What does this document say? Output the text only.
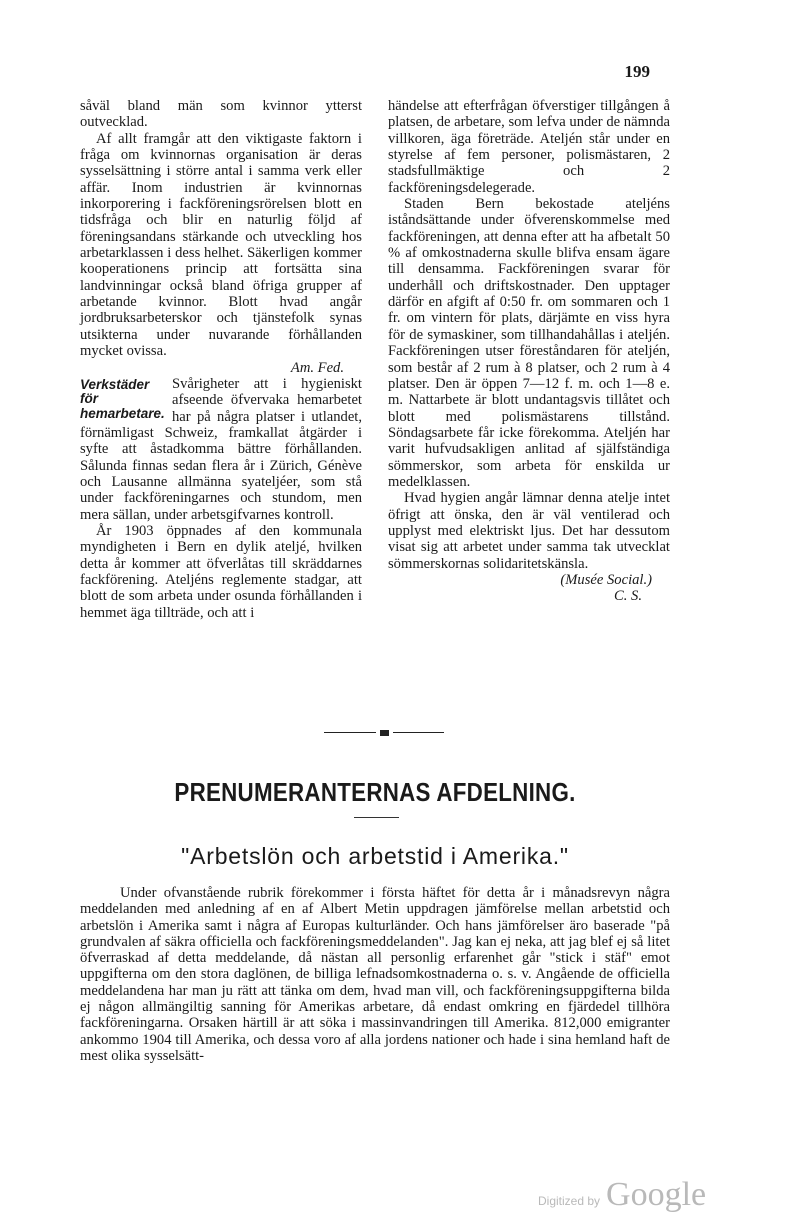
199

såväl bland män som kvinnor ytterst outvecklad.

Af allt framgår att den viktigaste faktorn i fråga om kvinnornas organisation är deras sysselsättning i större antal i samma verk eller affär. Inom industrien är kvinnornas inkorporering i fackföreningsrörelsen blott en tidsfråga och blir en naturlig följd af föreningsandans stärkande och utveckling hos arbetarklassen i dess helhet. Säkerligen kommer kooperationens princip att fortsätta sina landvinningar också bland öfriga grupper af arbetande kvinnor. Blott hvad angår jordbruksarbeterskor och tjänstefolk synas utsikterna under nuvarande förhållanden mycket ovissa.

Am. Fed.
Verkstäder för hemarbetare.

Svårigheter att i hygieniskt afseende öfvervaka hemarbetet har på några platser i utlandet, förnämligast Schweiz, framkallat åtgärder i syfte att åstadkomma bättre förhållanden. Sålunda finnas sedan flera år i Zürich, Génève och Lausanne allmänna syateljéer, som stå under fackföreningarnes och stundom, men mera sällan, under arbetsgifvarnes kontroll.

År 1903 öppnades af den kommunala myndigheten i Bern en dylik ateljé, hvilken detta år kommer att öfverlåtas till skräddarnes fackförening. Ateljéns reglemente stadgar, att blott de som arbeta under osunda förhållanden i hemmet äga tillträde, och att i

händelse att efterfrågan öfverstiger tillgången å platsen, de arbetare, som lefva under de nämnda villkoren, äga företräde. Ateljén står under en styrelse af fem personer, polismästaren, 2 stadsfullmäktige och 2 fackföreningsdelegerade.

Staden Bern bekostade ateljéns iståndsättande under öfverenskommelse med fackföreningen, att denna efter att ha afbetalt 50 % af omkostnaderna skulle blifva ensam ägare till densamma. Fackföreningen svarar för underhåll och driftskostnader. Den upptager därför en afgift af 0:50 fr. om sommaren och 1 fr. om vintern för plats, därjämte en viss hyra för de symaskiner, som tillhandahållas i ateljén. Fackföreningen utser föreståndaren för ateljén, som består af 2 rum à 8 platser, och 2 rum à 4 platser. Den är öppen 7—12 f. m. och 1—8 e. m. Nattarbete är blott undantagsvis tillåtet och blott med polismästarens tillstånd. Söndagsarbete får icke förekomma. Ateljén har varit hufvudsakligen anlitad af själfständiga sömmerskor, som arbeta för enskilda ur medelklassen.

Hvad hygien angår lämnar denna atelje intet öfrigt att önska, den är väl ventilerad och upplyst med elektriskt ljus. Det har dessutom visat sig att arbetet under samma tak utvecklat sömmerskornas solidaritetskänsla.

(Musée Social.)
C. S.
PRENUMERANTERNAS AFDELNING.
"Arbetslön och arbetstid i Amerika."

Under ofvanstående rubrik förekommer i första häftet för detta år i månadsrevyn några meddelanden med anledning af en af Albert Metin uppdragen jämförelse mellan arbetstid och arbetslön i Amerika samt i några af Europas kulturländer. Och hans jämförelser äro baserade "på grundvalen af säkra officiella och fackföreningsmeddelanden". Jag kan ej neka, att jag blef ej så litet öfverraskad af detta meddelande, då nästan all personlig erfarenhet går "stick i stäf" emot uppgifterna om den stora daglönen, de billiga lefnadsomkostnaderna o. s. v. Angående de officiella meddelandena har man ju rätt att tänka om dem, hvad man vill, och fackföreningsuppgifterna bilda ej någon allmängiltig sanning för Amerikas arbetare, då endast omkring en fjärdedel tillhöra fackföreningarna. Orsaken härtill är att söka i massinvandringen till Amerika. 812,000 emigranter ankommo 1904 till Amerika, och dessa voro af alla jordens nationer och hade i sina hemland haft de mest olika sysselsätt-

Digitized by Google
